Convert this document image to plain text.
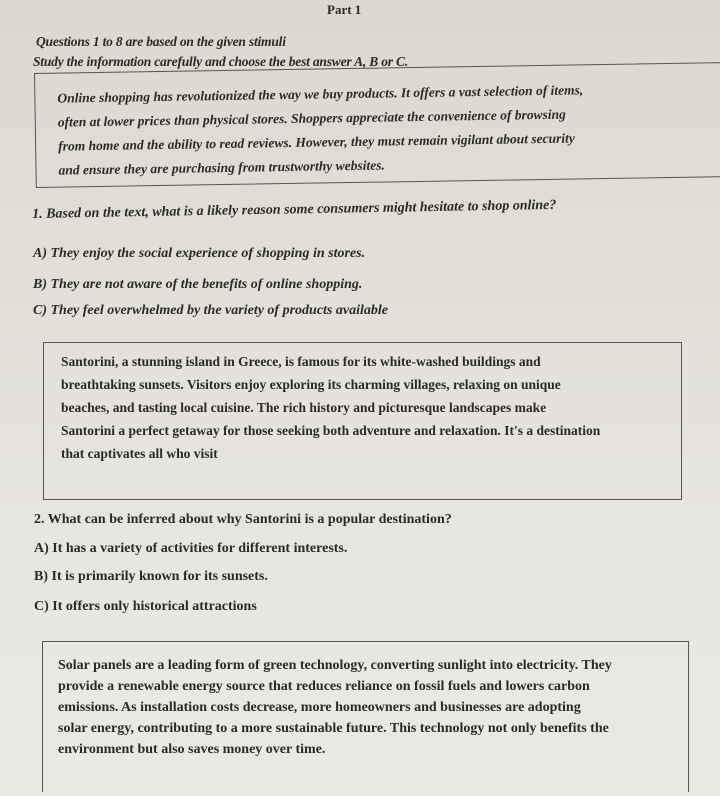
Part 1
Questions 1 to 8 are based on the given stimuli
Study the information carefully and choose the best answer A, B or C.
Online shopping has revolutionized the way we buy products. It offers a vast selection of items,
often at lower prices than physical stores. Shoppers appreciate the convenience of browsing
from home and the ability to read reviews. However, they must remain vigilant about security
and ensure they are purchasing from trustworthy websites.
1. Based on the text, what is a likely reason some consumers might hesitate to shop online?
A) They enjoy the social experience of shopping in stores.
B) They are not aware of the benefits of online shopping.
C) They feel overwhelmed by the variety of products available
Santorini, a stunning island in Greece, is famous for its white-washed buildings and
breathtaking sunsets. Visitors enjoy exploring its charming villages, relaxing on unique
beaches, and tasting local cuisine. The rich history and picturesque landscapes make
Santorini a perfect getaway for those seeking both adventure and relaxation. It's a destination
that captivates all who visit
2. What can be inferred about why Santorini is a popular destination?
A) It has a variety of activities for different interests.
B) It is primarily known for its sunsets.
C) It offers only historical attractions
Solar panels are a leading form of green technology, converting sunlight into electricity. They
provide a renewable energy source that reduces reliance on fossil fuels and lowers carbon
emissions. As installation costs decrease, more homeowners and businesses are adopting
solar energy, contributing to a more sustainable future. This technology not only benefits the
environment but also saves money over time.
